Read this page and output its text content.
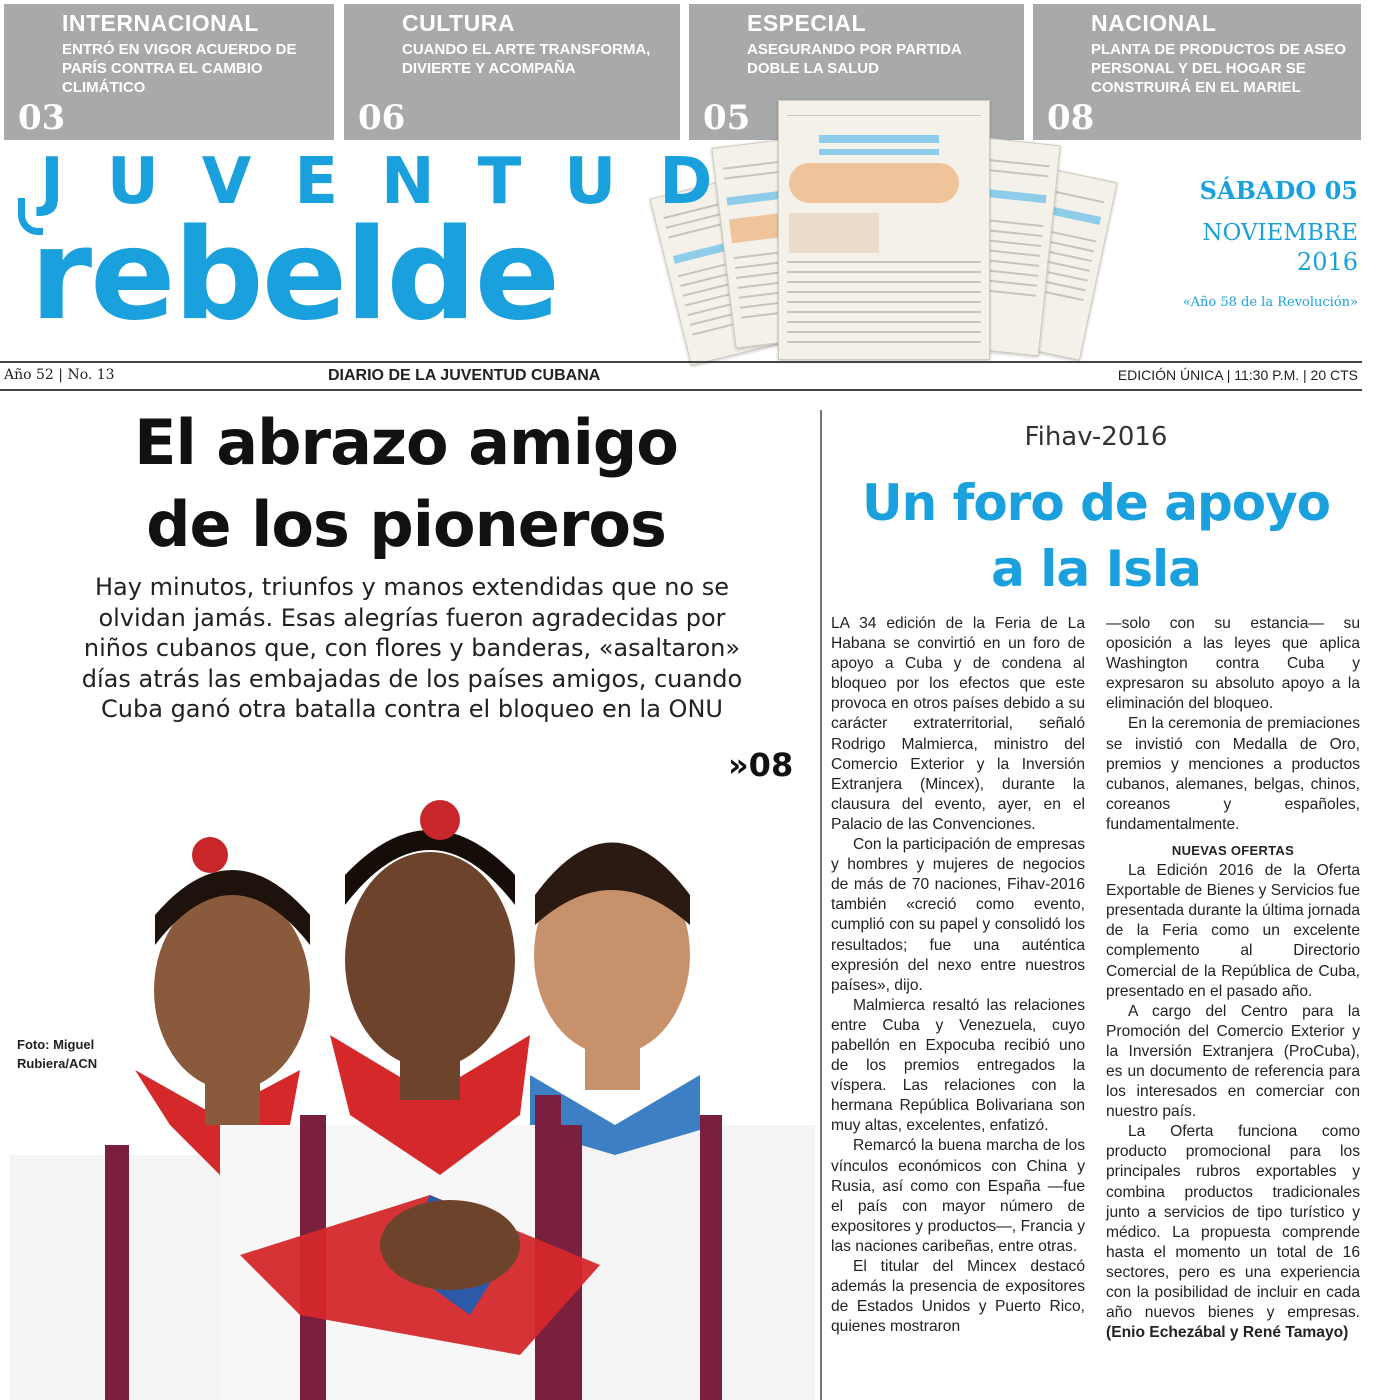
INTERNACIONAL
ENTRÓ EN VIGOR ACUERDO DE PARÍS CONTRA EL CAMBIO CLIMÁTICO
03
CULTURA
CUANDO EL ARTE TRANSFORMA, DIVIERTE Y ACOMPAÑA
06
ESPECIAL
ASEGURANDO POR PARTIDA DOBLE LA SALUD
05
NACIONAL
PLANTA DE PRODUCTOS DE ASEO PERSONAL Y DEL HOGAR SE CONSTRUIRÁ EN EL MARIEL
08
JUVENTUD
rebelde
SÁBADO 05
NOVIEMBRE
2016
«Año 58 de la Revolución»
Año 52 | No. 13	DIARIO DE LA JUVENTUD CUBANA	EDICIÓN ÚNICA | 11:30 P.M. | 20 CTS
El abrazo amigo
de los pioneros
Hay minutos, triunfos y manos extendidas que no se
olvidan jamás. Esas alegrías fueron agradecidas por
niños cubanos que, con flores y banderas, «asaltaron»
días atrás las embajadas de los países amigos, cuando
Cuba ganó otra batalla contra el bloqueo en la ONU
»08
Foto: Miguel
Rubiera/ACN
Fihav-2016
Un foro de apoyo
a la Isla

LA 34 edición de la Feria de La Habana se convirtió en un foro de apoyo a Cuba y de condena al bloqueo por los efectos que este provoca en otros países debido a su carácter extraterritorial, señaló Rodrigo Malmierca, ministro del Comercio Exterior y la Inversión Extranjera (Mincex), durante la clausura del evento, ayer, en el Palacio de las Convenciones.

Con la participación de empresas y hombres y mujeres de negocios de más de 70 naciones, Fihav-2016 también «creció como evento, cumplió con su papel y consolidó los resultados; fue una auténtica expresión del nexo entre nuestros países», dijo.

Malmierca resaltó las relaciones entre Cuba y Venezuela, cuyo pabellón en Expocuba recibió uno de los premios entregados la víspera. Las relaciones con la hermana República Bolivariana son muy altas, excelentes, enfatizó.

Remarcó la buena marcha de los vínculos económicos con China y Rusia, así como con España —fue el país con mayor número de expositores y productos—, Francia y las naciones caribeñas, entre otras.

El titular del Mincex destacó además la presencia de expositores de Estados Unidos y Puerto Rico, quienes mostraron

—solo con su estancia— su oposición a las leyes que aplica Washington contra Cuba y expresaron su absoluto apoyo a la eliminación del bloqueo.

En la ceremonia de premiaciones se invistió con Medalla de Oro, premios y menciones a productos cubanos, alemanes, belgas, chinos, coreanos y españoles, fundamentalmente.

NUEVAS OFERTAS

La Edición 2016 de la Oferta Exportable de Bienes y Servicios fue presentada durante la última jornada de la Feria como un excelente complemento al Directorio Comercial de la República de Cuba, presentado en el pasado año.

A cargo del Centro para la Promoción del Comercio Exterior y la Inversión Extranjera (ProCuba), es un documento de referencia para los interesados en comerciar con nuestro país.

La Oferta funciona como producto promocional para los principales rubros exportables y combina productos tradicionales junto a servicios de tipo turístico y médico. La propuesta comprende hasta el momento un total de 16 sectores, pero es una experiencia con la posibilidad de incluir en cada año nuevos bienes y empresas. (Enio Echezábal y René Tamayo)
